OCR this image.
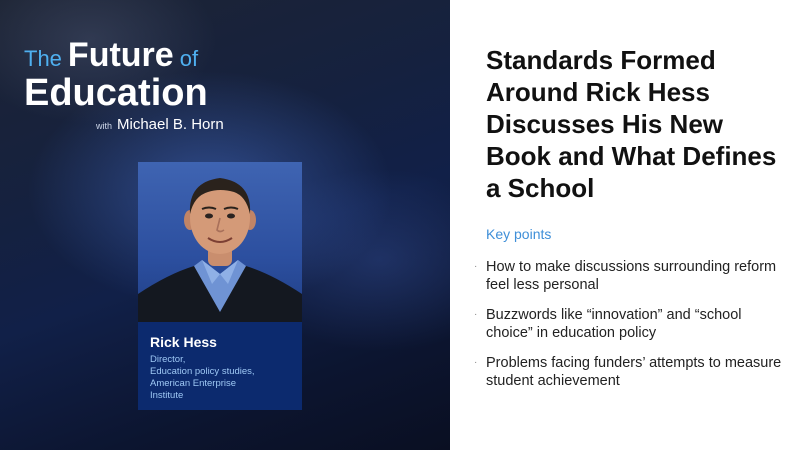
The Future of
Education
with Michael B. Horn
Rick Hess
Director,
Education policy studies,
American Enterprise
Institute
Standards Formed Around Rick Hess Discusses His New Book and What Defines a School
Key points
· How to make discussions surrounding reform feel less personal
· Buzzwords like “innovation” and “school choice” in education policy
· Problems facing funders’ attempts to measure student achievement
